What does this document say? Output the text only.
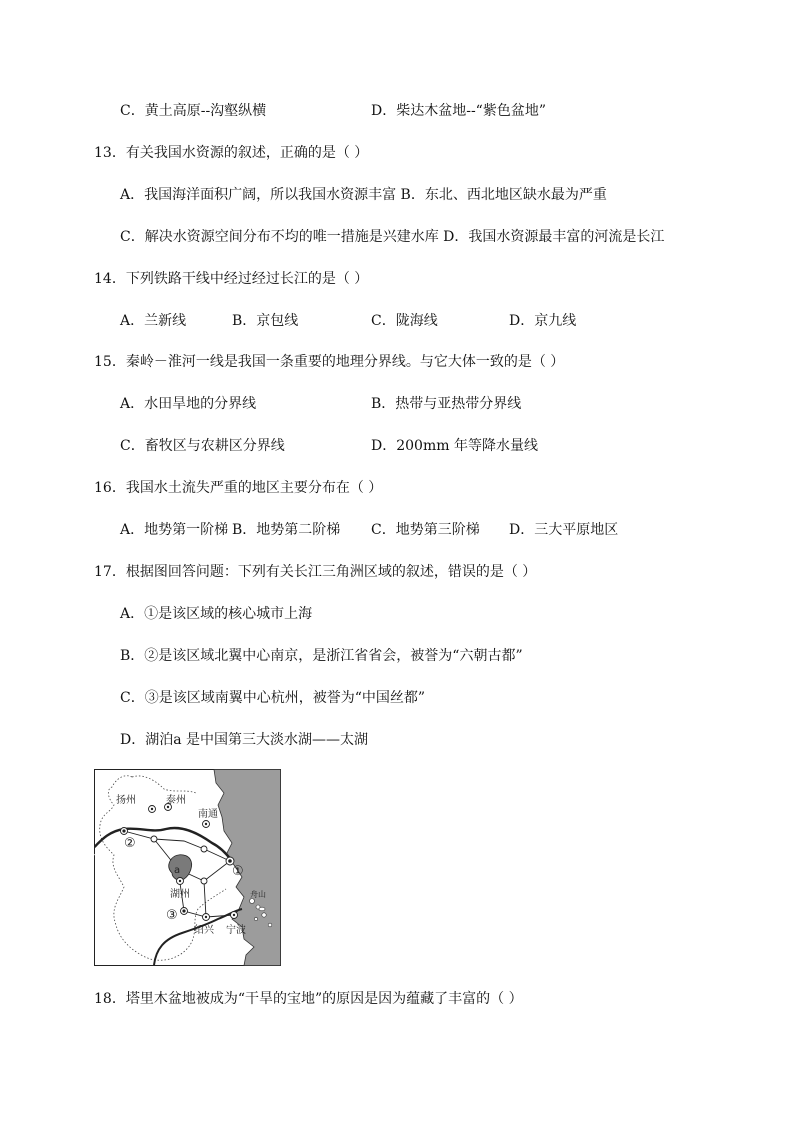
C．黄土高原--沟壑纵横	D．柴达木盆地--“紫色盆地”
13．有关我国水资源的叙述，正确的是（ ）
A．我国海洋面积广阔，所以我国水资源丰富 B．东北、西北地区缺水最为严重
C．解决水资源空间分布不均的唯一措施是兴建水库 D．我国水资源最丰富的河流是长江
14．下列铁路干线中经过经过长江的是（ ）
A．兰新线	B．京包线	C．陇海线	D．京九线
15．秦岭－淮河一线是我国一条重要的地理分界线。与它大体一致的是（ ）
A．水田旱地的分界线	B．热带与亚热带分界线
C．畜牧区与农耕区分界线	D．200mm 年等降水量线
16．我国水土流失严重的地区主要分布在（ ）
A．地势第一阶梯 B．地势第二阶梯 C．地势第三阶梯 D．三大平原地区
17．根据图回答问题：下列有关长江三角洲区域的叙述，错误的是（ ）
A．①是该区域的核心城市上海
B．②是该区域北翼中心南京，是浙江省省会，被誉为“六朝古都”
C．③是该区域南翼中心杭州，被誉为“中国丝都”
D．湖泊a 是中国第三大淡水湖——太湖
a
扬州	泰州
南通
湖州
绍兴 宁波
舟山
②
①
③
18．塔里木盆地被成为“干旱的宝地”的原因是因为蕴藏了丰富的（ ）
